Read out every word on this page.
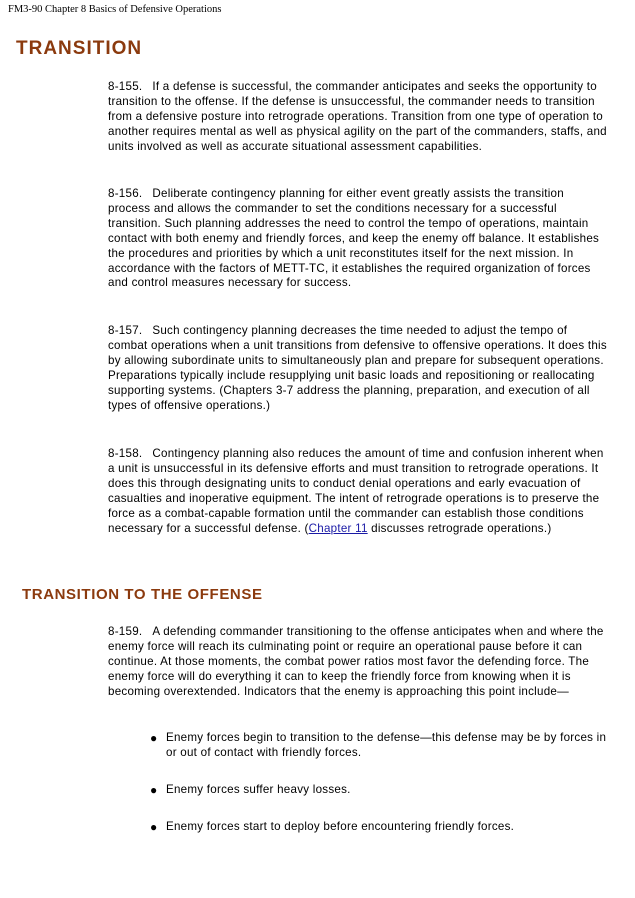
FM3-90 Chapter 8 Basics of Defensive Operations
TRANSITION

8-155. If a defense is successful, the commander anticipates and seeks the opportunity to transition to the offense. If the defense is unsuccessful, the commander needs to transition from a defensive posture into retrograde operations. Transition from one type of operation to another requires mental as well as physical agility on the part of the commanders, staffs, and units involved as well as accurate situational assessment capabilities.

8-156. Deliberate contingency planning for either event greatly assists the transition process and allows the commander to set the conditions necessary for a successful transition. Such planning addresses the need to control the tempo of operations, maintain contact with both enemy and friendly forces, and keep the enemy off balance. It establishes the procedures and priorities by which a unit reconstitutes itself for the next mission. In accordance with the factors of METT-TC, it establishes the required organization of forces and control measures necessary for success.

8-157. Such contingency planning decreases the time needed to adjust the tempo of combat operations when a unit transitions from defensive to offensive operations. It does this by allowing subordinate units to simultaneously plan and prepare for subsequent operations. Preparations typically include resupplying unit basic loads and repositioning or reallocating supporting systems. (Chapters 3-7 address the planning, preparation, and execution of all types of offensive operations.)

8-158. Contingency planning also reduces the amount of time and confusion inherent when a unit is unsuccessful in its defensive efforts and must transition to retrograde operations. It does this through designating units to conduct denial operations and early evacuation of casualties and inoperative equipment. The intent of retrograde operations is to preserve the force as a combat-capable formation until the commander can establish those conditions necessary for a successful defense. (Chapter 11 discusses retrograde operations.)

TRANSITION TO THE OFFENSE

8-159. A defending commander transitioning to the offense anticipates when and where the enemy force will reach its culminating point or require an operational pause before it can continue. At those moments, the combat power ratios most favor the defending force. The enemy force will do everything it can to keep the friendly force from knowing when it is becoming overextended. Indicators that the enemy is approaching this point include—

● Enemy forces begin to transition to the defense—this defense may be by forces in or out of contact with friendly forces.
● Enemy forces suffer heavy losses.
● Enemy forces start to deploy before encountering friendly forces.
